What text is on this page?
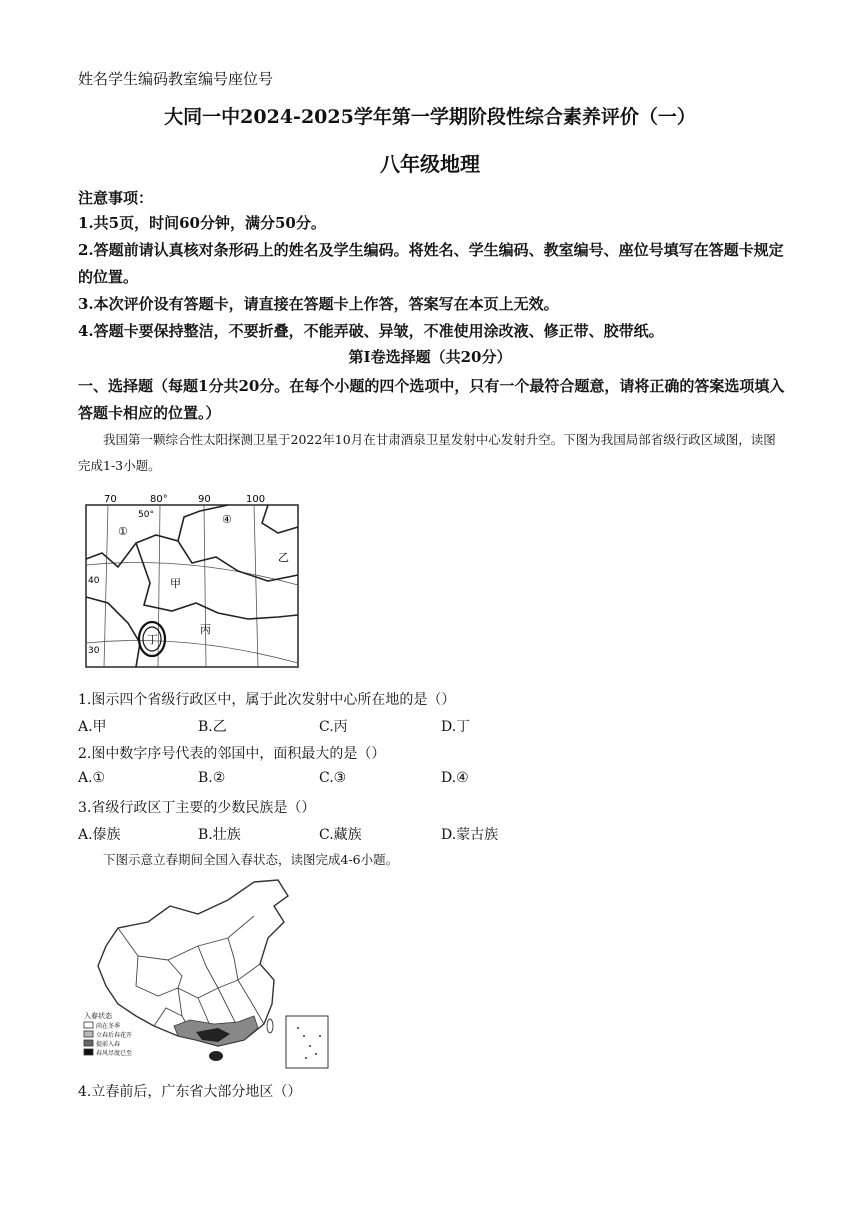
姓名学生编码教室编号座位号
大同一中2024-2025学年第一学期阶段性综合素养评价（一）
八年级地理
注意事项：
1.共5页，时间60分钟，满分50分。
2.答题前请认真核对条形码上的姓名及学生编码。将姓名、学生编码、教室编号、座位号填写在答题卡规定的位置。
3.本次评价设有答题卡，请直接在答题卡上作答，答案写在本页上无效。
4.答题卡要保持整洁，不要折叠，不能弄破、异皱，不准使用涂改液、修正带、胶带纸。
第I卷选择题（共20分）
一、选择题（每题1分共20分。在每个小题的四个选项中，只有一个最符合题意，请将正确的答案选项填入答题卡相应的位置。）
我国第一颗综合性太阳探测卫星于2022年10月在甘肃酒泉卫星发射中心发射升空。下图为我国局部省级行政区域图，读图完成1-3小题。
70	80°	90	100
50°
40
30
①
④
甲
乙
丙
丁
1.图示四个省级行政区中，属于此次发射中心所在地的是（）
A.甲	B.乙	C.丙	D.丁
2.图中数字序号代表的邻国中，面积最大的是（）
A.①	B.②	C.③	D.④
3.省级行政区丁主要的少数民族是（）
A.傣族	B.壮族	C.藏族	D.蒙古族
下图示意立春期间全国入春状态，读图完成4-6小题。
入春状态
尚在冬季
立春后春花开
提前入春
春风尽度已至
4.立春前后，广东省大部分地区（）
